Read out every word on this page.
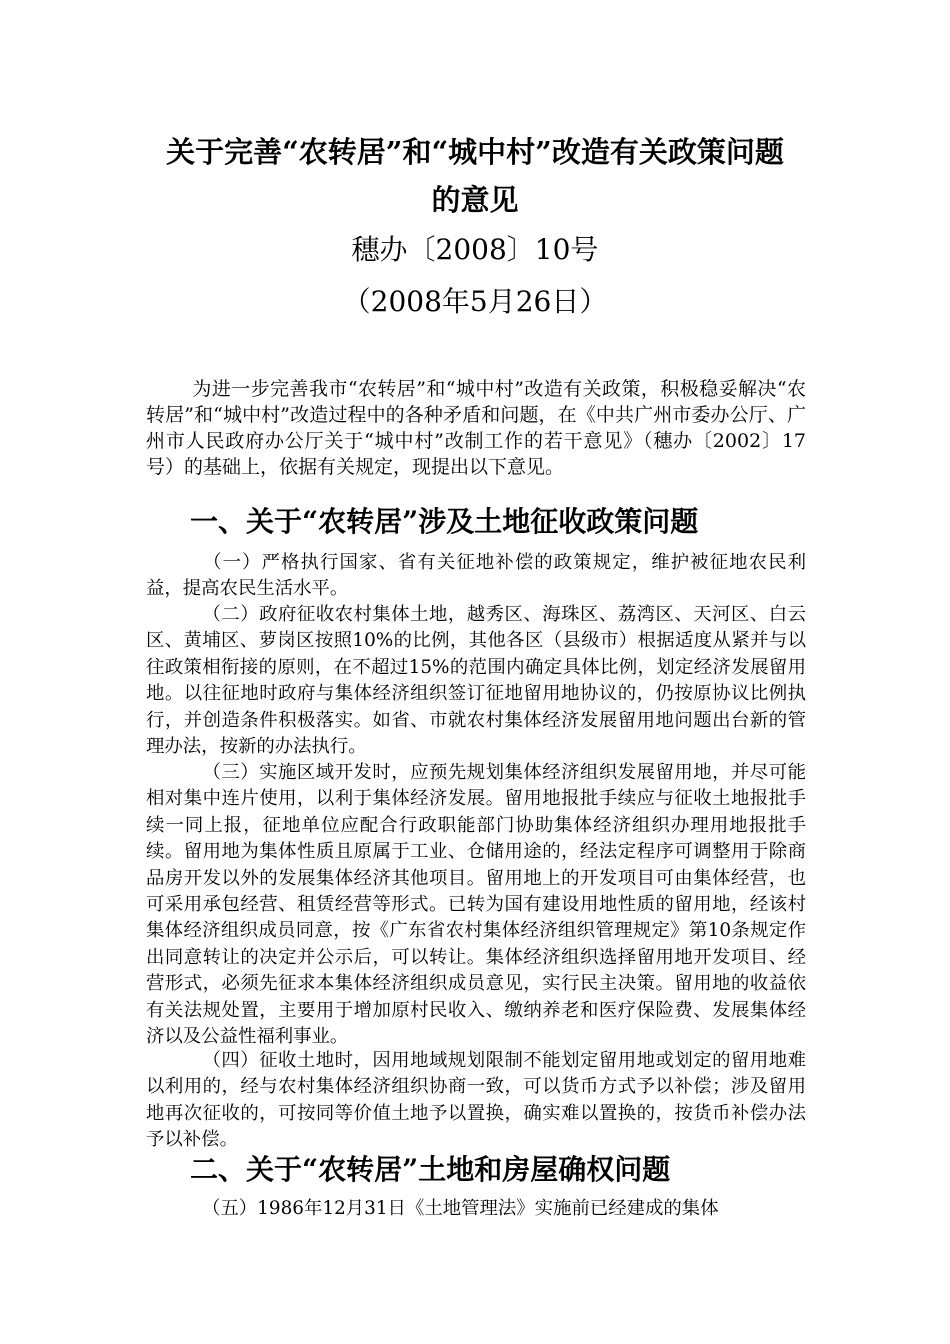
关于完善“农转居”和“城中村”改造有关政策问题
的意见
穗办〔2008〕10号
（2008年5月26日）
为进一步完善我市“农转居”和“城中村”改造有关政策，积极稳妥解决“农转居”和“城中村”改造过程中的各种矛盾和问题，在《中共广州市委办公厅、广州市人民政府办公厅关于“城中村”改制工作的若干意见》（穗办〔2002〕17号）的基础上，依据有关规定，现提出以下意见。
一、关于“农转居”涉及土地征收政策问题
（一）严格执行国家、省有关征地补偿的政策规定，维护被征地农民利益，提高农民生活水平。
（二）政府征收农村集体土地，越秀区、海珠区、荔湾区、天河区、白云区、黄埔区、萝岗区按照10%的比例，其他各区（县级市）根据适度从紧并与以往政策相衔接的原则，在不超过15%的范围内确定具体比例，划定经济发展留用地。以往征地时政府与集体经济组织签订征地留用地协议的，仍按原协议比例执行，并创造条件积极落实。如省、市就农村集体经济发展留用地问题出台新的管理办法，按新的办法执行。
（三）实施区域开发时，应预先规划集体经济组织发展留用地，并尽可能相对集中连片使用，以利于集体经济发展。留用地报批手续应与征收土地报批手续一同上报，征地单位应配合行政职能部门协助集体经济组织办理用地报批手续。留用地为集体性质且原属于工业、仓储用途的，经法定程序可调整用于除商品房开发以外的发展集体经济其他项目。留用地上的开发项目可由集体经营，也可采用承包经营、租赁经营等形式。已转为国有建设用地性质的留用地，经该村集体经济组织成员同意，按《广东省农村集体经济组织管理规定》第10条规定作出同意转让的决定并公示后，可以转让。集体经济组织选择留用地开发项目、经营形式，必须先征求本集体经济组织成员意见，实行民主决策。留用地的收益依有关法规处置，主要用于增加原村民收入、缴纳养老和医疗保险费、发展集体经济以及公益性福利事业。
（四）征收土地时，因用地域规划限制不能划定留用地或划定的留用地难以利用的，经与农村集体经济组织协商一致，可以货币方式予以补偿；涉及留用地再次征收的，可按同等价值土地予以置换，确实难以置换的，按货币补偿办法予以补偿。
二、关于“农转居”土地和房屋确权问题
（五）1986年12月31日《土地管理法》实施前已经建成的集体
